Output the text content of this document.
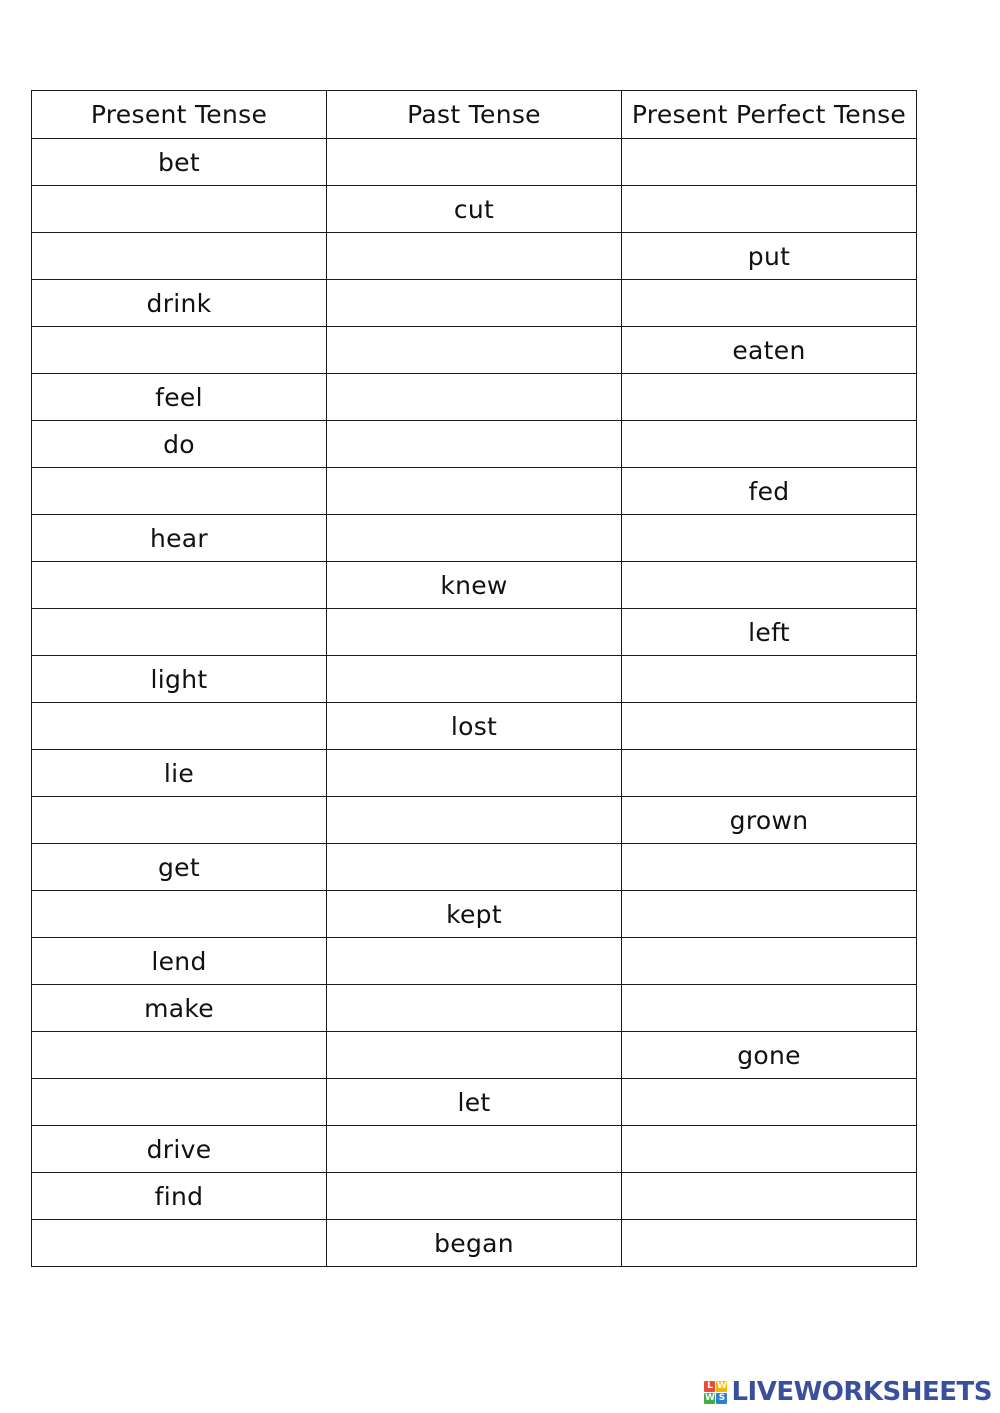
Present Tense	Past Tense	Present Perfect Tense
bet		
	cut	
		put
drink		
		eaten
feel		
do		
		fed
hear		
	knew	
		left
light		
	lost	
lie		
		grown
get		
	kept	
lend		
make		
		gone
	let	
drive		
find		
	began	
L W
W S LIVEWORKSHEETS
